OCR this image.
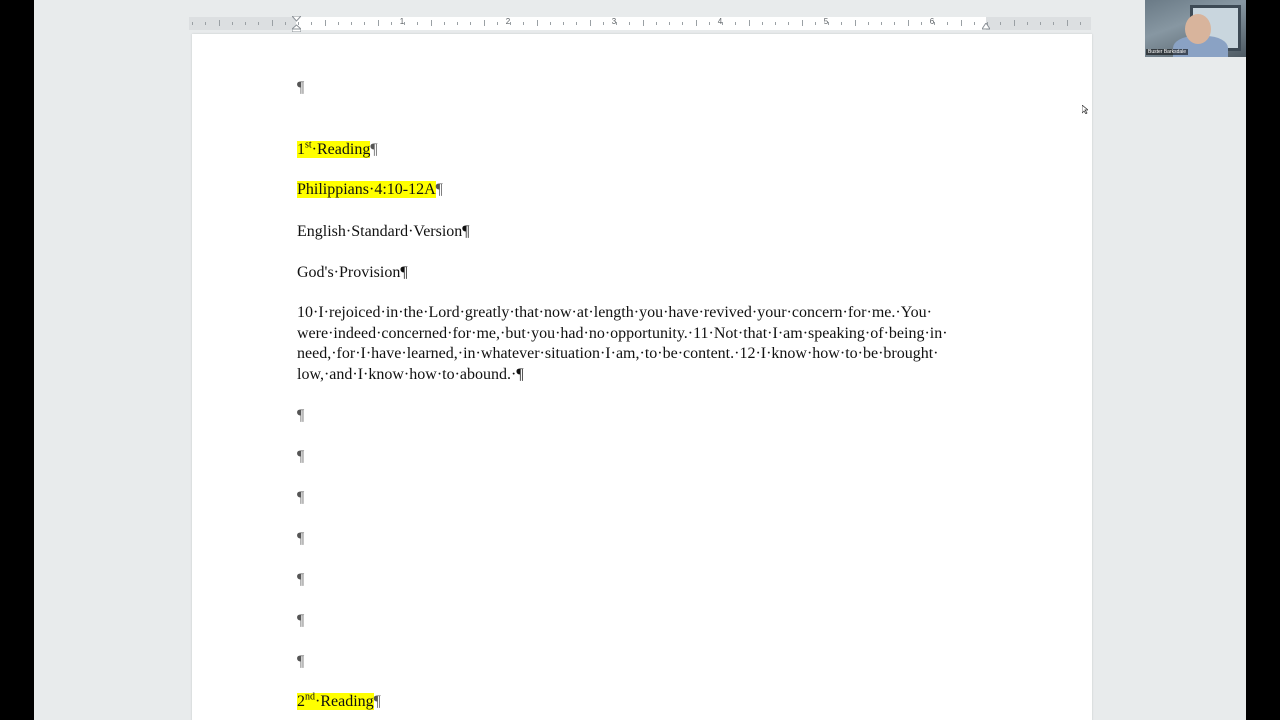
1	2	3	4	5	6
¶
1st·Reading¶
Philippians·4:10-12A¶
English·Standard·Version¶
God's·Provision¶
10·I·rejoiced·in·the·Lord·greatly·that·now·at·length·you·have·revived·your·concern·for·me.·You·
were·indeed·concerned·for·me,·but·you·had·no·opportunity.·11·Not·that·I·am·speaking·of·being·in·
need,·for·I·have·learned,·in·whatever·situation·I·am,·to·be·content.·12·I·know·how·to·be·brought·
low,·and·I·know·how·to·abound.·¶
¶
¶
¶
¶
¶
¶
¶
2nd·Reading¶
Buster Barksdale
